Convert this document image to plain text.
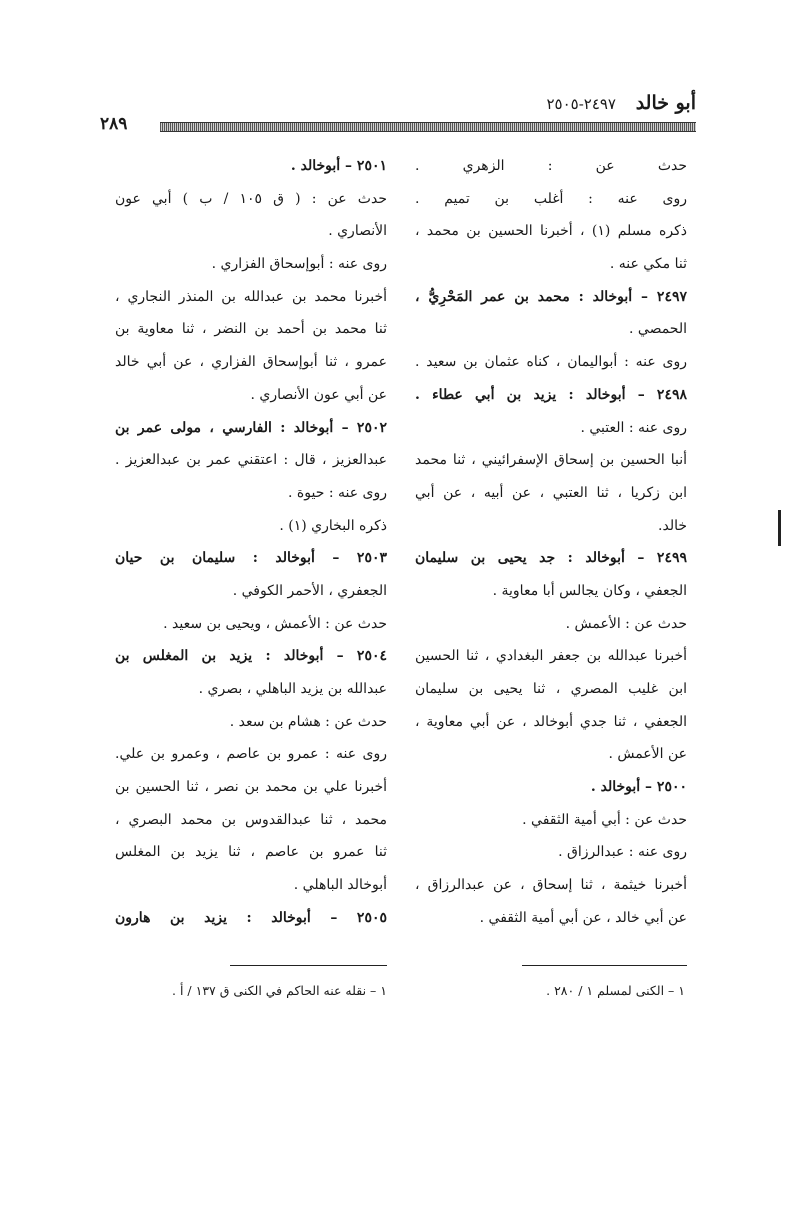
أبو خالد
٢٤٩٧-٢٥٠٥
٢٨٩
حدث عن : الزهري .
روى عنه : أغلب بن تميم .
ذكره مسلم (١) ، أخبرنا الحسين بن محمد ،
ثنا مكي عنه .
٢٤٩٧ – أبوخالد : محمد بن عمر المَحْرِيُّ ،
الحمصي .
روى عنه : أبواليمان ، كناه عثمان بن سعيد .
٢٤٩٨ – أبوخالد : يزيد بن أبي عطاء .
روى عنه : العتبي .
أنبا الحسين بن إسحاق الإسفرائيني ، ثنا محمد
ابن زكريا ، ثنا العتبي ، عن أبيه ، عن أبي
خالد.
٢٤٩٩ – أبوخالد : جد يحيى بن سليمان
الجعفي ، وكان يجالس أبا معاوية .
حدث عن : الأعمش .
أخبرنا عبدالله بن جعفر البغدادي ، ثنا الحسين
ابن غليب المصري ، ثنا يحيى بن سليمان
الجعفي ، ثنا جدي أبوخالد ، عن أبي معاوية ،
عن الأعمش .
٢٥٠٠ – أبوخالد .
حدث عن : أبي أمية الثقفي .
روى عنه : عبدالرزاق .
أخبرنا خيثمة ، ثنا إسحاق ، عن عبدالرزاق ،
عن أبي خالد ، عن أبي أمية الثقفي .
٢٥٠١ – أبوخالد .
حدث عن : ( ق ١٠٥ / ب ) أبي عون
الأنصاري .
روى عنه : أبوإسحاق الفزاري .
أخبرنا محمد بن عبدالله بن المنذر النجاري ،
ثنا محمد بن أحمد بن النضر ، ثنا معاوية بن
عمرو ، ثنا أبوإسحاق الفزاري ، عن أبي خالد
عن أبي عون الأنصاري .
٢٥٠٢ – أبوخالد : الفارسي ، مولى عمر بن
عبدالعزيز ، قال : اعتقني عمر بن عبدالعزيز .
روى عنه : حيوة .
ذكره البخاري (١) .
٢٥٠٣ – أبوخالد : سليمان بن حيان
الجعفري ، الأحمر الكوفي .
حدث عن : الأعمش ، ويحيى بن سعيد .
٢٥٠٤ – أبوخالد : يزيد بن المغلس بن
عبدالله بن يزيد الباهلي ، بصري .
حدث عن : هشام بن سعد .
روى عنه : عمرو بن عاصم ، وعمرو بن علي.
أخبرنا علي بن محمد بن نصر ، ثنا الحسين بن
محمد ، ثنا عبدالقدوس بن محمد البصري ،
ثنا عمرو بن عاصم ، ثنا يزيد بن المغلس
أبوخالد الباهلي .
٢٥٠٥ – أبوخالد : يزيد بن هارون
١ – الكنى لمسلم ١ / ٢٨٠ .
١ – نقله عنه الحاكم في الكنى ق ١٣٧ / أ .
